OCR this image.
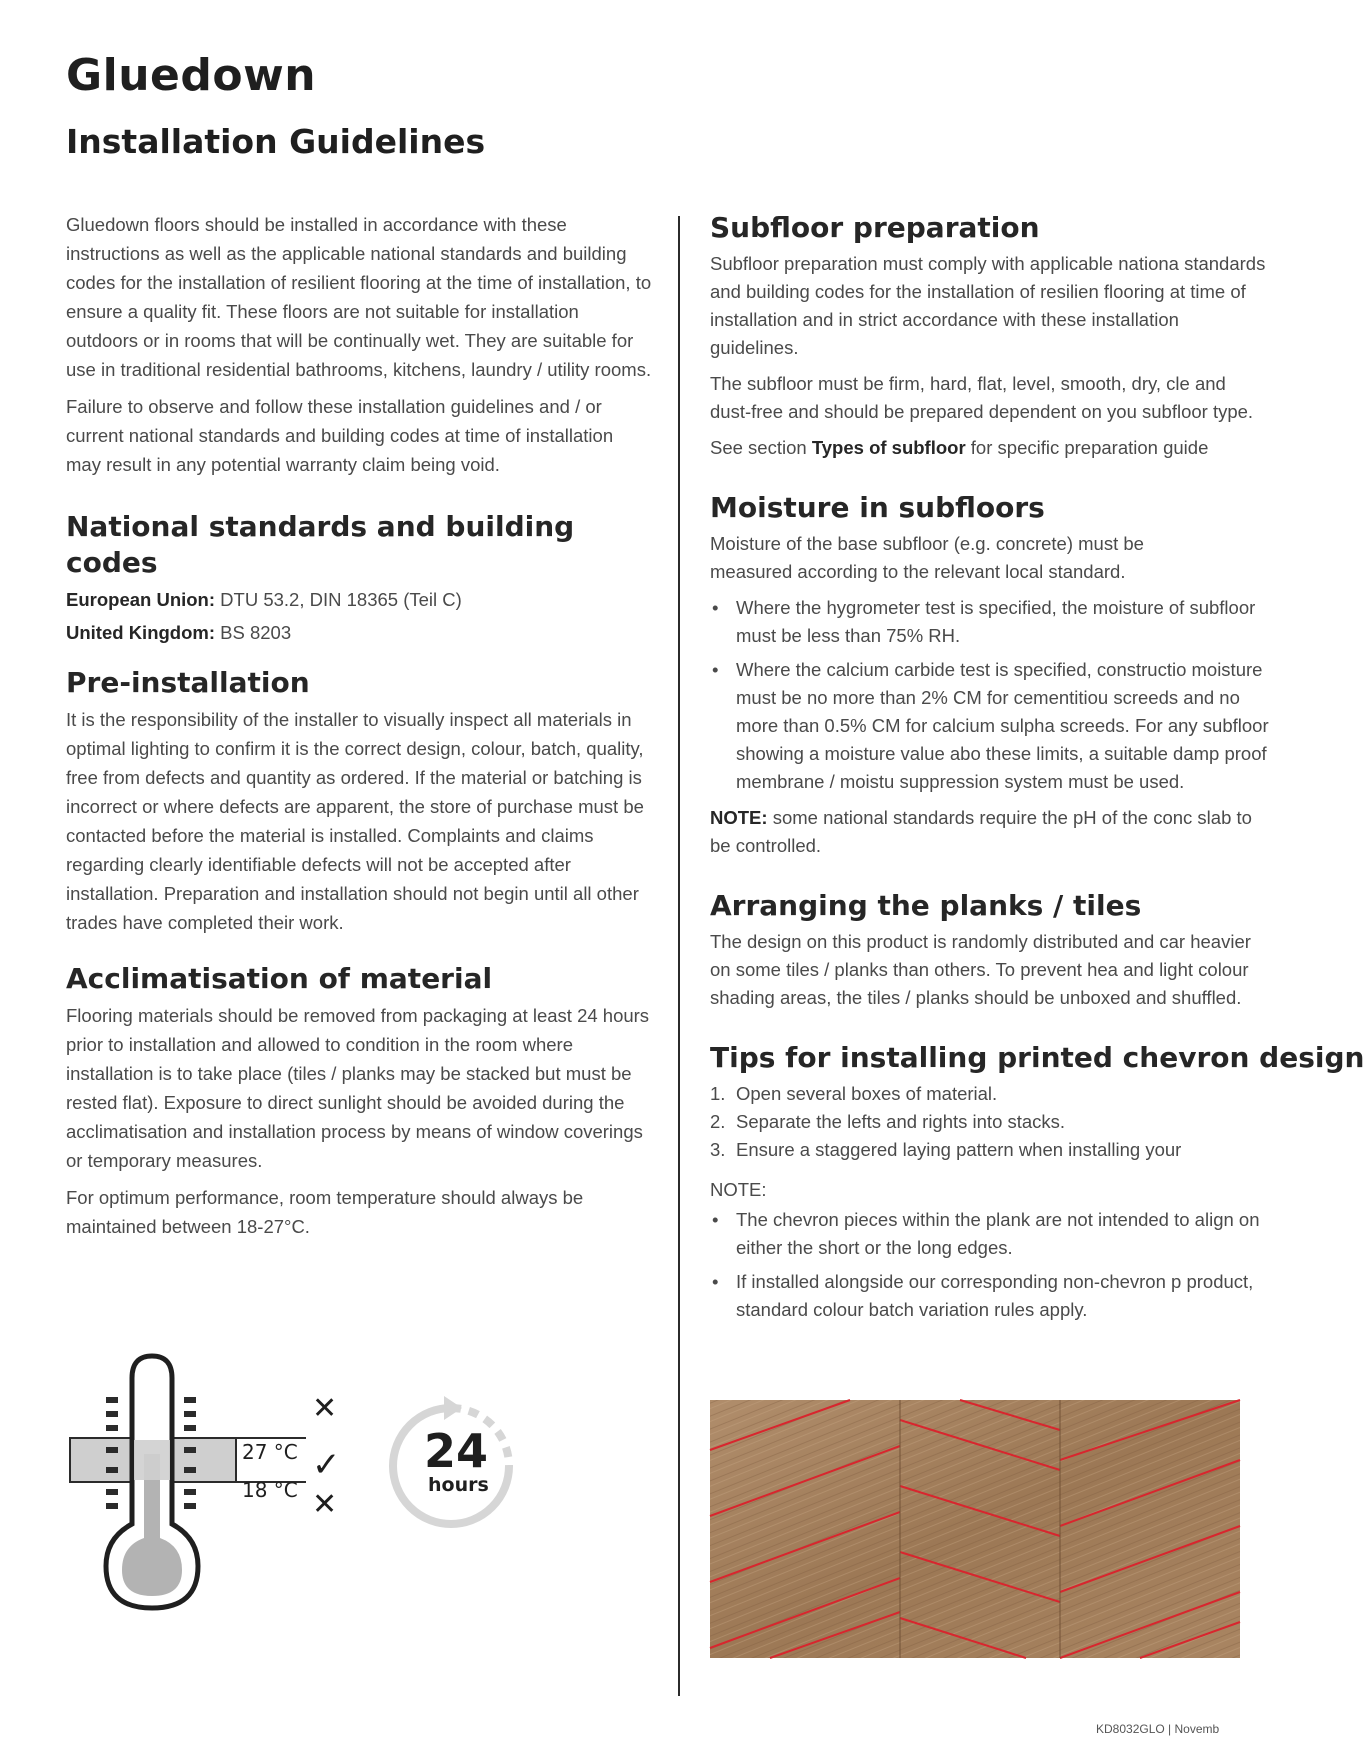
Gluedown
Installation Guidelines

Gluedown floors should be installed in accordance with these instructions as well as the applicable national standards and building codes for the installation of resilient flooring at the time of installation, to ensure a quality fit. These floors are not suitable for installation outdoors or in rooms that will be continually wet. They are suitable for use in traditional residential bathrooms, kitchens, laundry / utility rooms.

Failure to observe and follow these installation guidelines and / or current national standards and building codes at time of installation may result in any potential warranty claim being void.

National standards and building codes

European Union: DTU 53.2, DIN 18365 (Teil C)

United Kingdom: BS 8203

Pre-installation

It is the responsibility of the installer to visually inspect all materials in optimal lighting to confirm it is the correct design, colour, batch, quality, free from defects and quantity as ordered. If the material or batching is incorrect or where defects are apparent, the store of purchase must be contacted before the material is installed. Complaints and claims regarding clearly identifiable defects will not be accepted after installation. Preparation and installation should not begin until all other trades have completed their work.

Acclimatisation of material

Flooring materials should be removed from packaging at least 24 hours prior to installation and allowed to condition in the room where installation is to take place (tiles / planks may be stacked but must be rested flat). Exposure to direct sunlight should be avoided during the acclimatisation and installation process by means of window coverings or temporary measures.

For optimum performance, room temperature should always be maintained between 18-27°C.

✕
✓
✕
27 °C
18 °C
24
hours
Subfloor preparation

Subfloor preparation must comply with applicable nationa standards and building codes for the installation of resilien flooring at time of installation and in strict accordance with these installation guidelines.

The subfloor must be firm, hard, flat, level, smooth, dry, cle and dust-free and should be prepared dependent on you subfloor type.

See section Types of subfloor for specific preparation guide

Moisture in subfloors

Moisture of the base subfloor (e.g. concrete) must be measured according to the relevant local standard.

• Where the hygrometer test is specified, the moisture of subfloor must be less than 75% RH.
• Where the calcium carbide test is specified, constructio moisture must be no more than 2% CM for cementitiou screeds and no more than 0.5% CM for calcium sulpha screeds. For any subfloor showing a moisture value abo these limits, a suitable damp proof membrane / moistu suppression system must be used.

NOTE: some national standards require the pH of the conc slab to be controlled.

Arranging the planks / tiles

The design on this product is randomly distributed and car heavier on some tiles / planks than others. To prevent hea and light colour shading areas, the tiles / planks should be unboxed and shuffled.

Tips for installing printed chevron design
1. Open several boxes of material.
2. Separate the lefts and rights into stacks.
3. Ensure a staggered laying pattern when installing your

NOTE:

• The chevron pieces within the plank are not intended to align on either the short or the long edges.
• If installed alongside our corresponding non-chevron p product, standard colour batch variation rules apply.
KD8032GLO | Novemb
